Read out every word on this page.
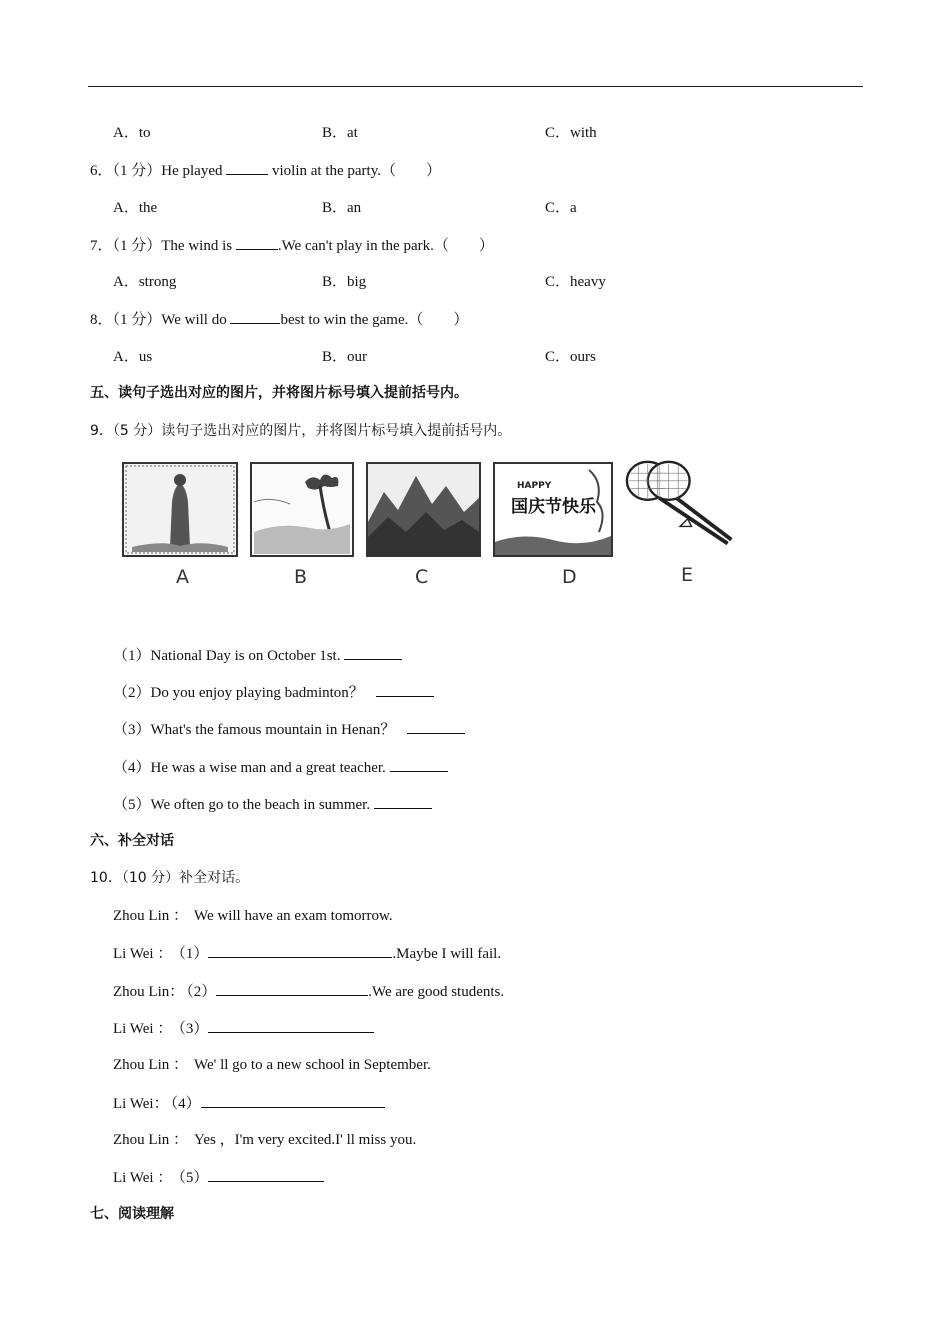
A．to	B．at	C．with
6．（1 分）He played	violin at the party.（　　）
A．the	B．an	C．a
7．（1 分）The wind is	.We can't play in the park.（　　）
A．strong	B．big	C．heavy
8．（1 分）We will do	best to win the game.（　　）
A．us	B．our	C．ours
五、读句子选出对应的图片，并将图片标号填入提前括号内。
9．（5 分）读句子选出对应的图片，并将图片标号填入提前括号内。
HAPPY
国庆节快乐
A	B	C	D	E
（1）National Day is on October 1st.
（2）Do you enjoy playing badminton？
（3）What's the famous mountain in Henan？
（4）He was a wise man and a great teacher.
（5）We often go to the beach in summer.
六、补全对话
10．（10 分）补全对话。
Zhou Lin ： We will have an exam tomorrow.
Li Wei ： （1）	.Maybe I will fail.
Zhou Lin： （2）	.We are good students.
Li Wei ： （3）
Zhou Lin ： We' ll go to a new school in September.
Li Wei： （4）
Zhou Lin ： Yes ，I'm very excited.I' ll miss you.
Li Wei ： （5）
七、阅读理解
